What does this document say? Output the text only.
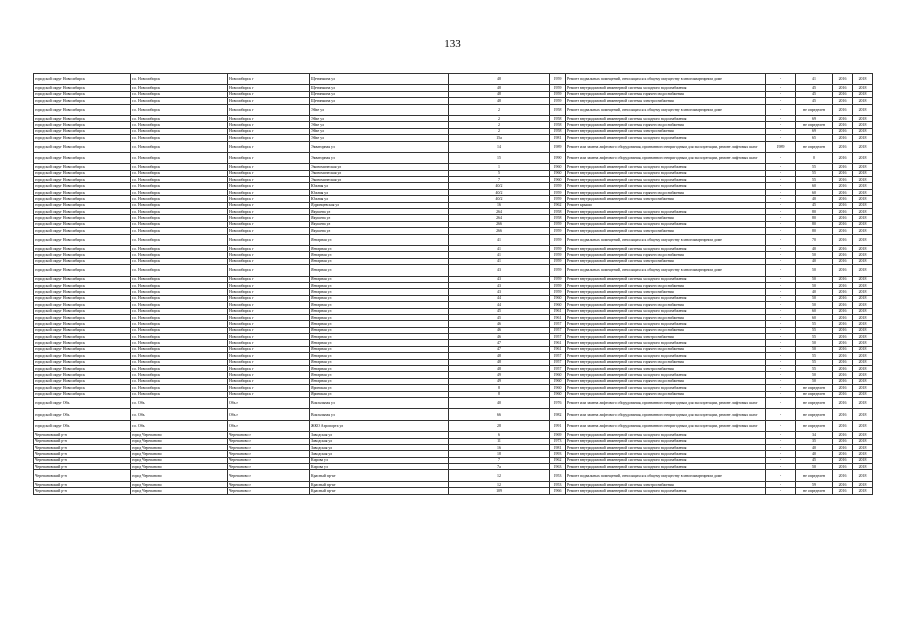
133
городской округ Новосибирск	г.о. Новосибирск	Новосибирск г	Щетинкина ул	48	1959	Ремонт подвальных помещений, относящихся к общему имуществу в многоквартирном доме	-	41	2016	2018
городской округ Новосибирск	г.о. Новосибирск	Новосибирск г	Щетинкина ул	48	1959	Ремонт внутридомовой инженерной системы холодного водоснабжения	-	45	2016	2018
городской округ Новосибирск	г.о. Новосибирск	Новосибирск г	Щетинкина ул	48	1959	Ремонт внутридомовой инженерной системы горячего водоснабжения	-	45	2016	2018
городской округ Новосибирск	г.о. Новосибирск	Новосибирск г	Щетинкина ул	48	1959	Ремонт внутридомовой инженерной системы электроснабжения	-	45	2016	2018
городской округ Новосибирск	г.о. Новосибирск	Новосибирск г	Эйхе ул	2	1958	Ремонт подвальных помещений, относящихся к общему имуществу в многоквартирном доме	-	не определен	2016	2018
городской округ Новосибирск	г.о. Новосибирск	Новосибирск г	Эйхе ул	2	1958	Ремонт внутридомовой инженерной системы холодного водоснабжения	-	69	2016	2018
городской округ Новосибирск	г.о. Новосибирск	Новосибирск г	Эйхе ул	2	1958	Ремонт внутридомовой инженерной системы горячего водоснабжения	-	не определен	2016	2018
городской округ Новосибирск	г.о. Новосибирск	Новосибирск г	Эйхе ул	2	1958	Ремонт внутридомовой инженерной системы электроснабжения	-	69	2016	2018
городской округ Новосибирск	г.о. Новосибирск	Новосибирск г	Эйхе ул	15а	1981	Ремонт внутридомовой инженерной системы холодного водоснабжения	-	65	2016	2018
городской округ Новосибирск	г.о. Новосибирск	Новосибирск г	Экваторная ул	14	1989	Ремонт или замена лифтового оборудования, признанного непригодным для эксплуатации, ремонт лифтовых шахт	1989	не определен	2016	2018
городской округ Новосибирск	г.о. Новосибирск	Новосибирск г	Экваторная ул	15	1990	Ремонт или замена лифтового оборудования, признанного непригодным для эксплуатации, ремонт лифтовых шахт	-	0	2016	2018
городской округ Новосибирск	г.о. Новосибирск	Новосибирск г	Экономическая ул	1	1960	Ремонт внутридомовой инженерной системы холодного водоснабжения	-	55	2016	2018
городской округ Новосибирск	г.о. Новосибирск	Новосибирск г	Экономическая ул	5	1960	Ремонт внутридомовой инженерной системы холодного водоснабжения	-	55	2016	2018
городской округ Новосибирск	г.о. Новосибирск	Новосибирск г	Экономическая ул	7	1960	Ремонт внутридомовой инженерной системы холодного водоснабжения	-	55	2016	2018
городской округ Новосибирск	г.о. Новосибирск	Новосибирск г	Южная ул	40/2	1959	Ремонт внутридомовой инженерной системы холодного водоснабжения	-	60	2016	2018
городской округ Новосибирск	г.о. Новосибирск	Новосибирск г	Южная ул	40/2	1959	Ремонт внутридомовой инженерной системы горячего водоснабжения	-	60	2016	2018
городской округ Новосибирск	г.о. Новосибирск	Новосибирск г	Южная ул	40/2	1959	Ремонт внутридомовой инженерной системы электроснабжения	-	40	2016	2018
городской округ Новосибирск	г.о. Новосибирск	Новосибирск г	Ядринцевская ул	16	1962	Ремонт крыши	-	45	2016	2018
городской округ Новосибирск	г.о. Новосибирск	Новосибирск г	Якушева ул	264	1958	Ремонт внутридомовой инженерной системы холодного водоснабжения	-	80	2016	2018
городской округ Новосибирск	г.о. Новосибирск	Новосибирск г	Якушева ул	264	1958	Ремонт внутридомовой инженерной системы электроснабжения	-	80	2016	2018
городской округ Новосибирск	г.о. Новосибирск	Новосибирск г	Якушева ул	266	1959	Ремонт внутридомовой инженерной системы холодного водоснабжения	-	80	2016	2018
городской округ Новосибирск	г.о. Новосибирск	Новосибирск г	Якушева ул	266	1959	Ремонт внутридомовой инженерной системы электроснабжения	-	80	2016	2018
городской округ Новосибирск	г.о. Новосибирск	Новосибирск г	Янтарная ул	41	1959	Ремонт подвальных помещений, относящихся к общему имуществу в многоквартирном доме	-	70	2016	2018
городской округ Новосибирск	г.о. Новосибирск	Новосибирск г	Янтарная ул	41	1959	Ремонт внутридомовой инженерной системы холодного водоснабжения	-	40	2016	2018
городской округ Новосибирск	г.о. Новосибирск	Новосибирск г	Янтарная ул	41	1959	Ремонт внутридомовой инженерной системы горячего водоснабжения	-	50	2016	2018
городской округ Новосибирск	г.о. Новосибирск	Новосибирск г	Янтарная ул	41	1959	Ремонт внутридомовой инженерной системы электроснабжения	-	40	2016	2018
городской округ Новосибирск	г.о. Новосибирск	Новосибирск г	Янтарная ул	43	1959	Ремонт подвальных помещений, относящихся к общему имуществу в многоквартирном доме	-	50	2016	2018
городской округ Новосибирск	г.о. Новосибирск	Новосибирск г	Янтарная ул	43	1959	Ремонт внутридомовой инженерной системы холодного водоснабжения	-	50	2016	2018
городской округ Новосибирск	г.о. Новосибирск	Новосибирск г	Янтарная ул	43	1959	Ремонт внутридомовой инженерной системы горячего водоснабжения	-	50	2016	2018
городской округ Новосибирск	г.о. Новосибирск	Новосибирск г	Янтарная ул	43	1959	Ремонт внутридомовой инженерной системы электроснабжения	-	40	2016	2018
городской округ Новосибирск	г.о. Новосибирск	Новосибирск г	Янтарная ул	44	1960	Ремонт внутридомовой инженерной системы холодного водоснабжения	-	50	2016	2018
городской округ Новосибирск	г.о. Новосибирск	Новосибирск г	Янтарная ул	44	1960	Ремонт внутридомовой инженерной системы горячего водоснабжения	-	50	2016	2018
городской округ Новосибирск	г.о. Новосибирск	Новосибирск г	Янтарная ул	45	1961	Ремонт внутридомовой инженерной системы холодного водоснабжения	-	60	2016	2018
городской округ Новосибирск	г.о. Новосибирск	Новосибирск г	Янтарная ул	45	1961	Ремонт внутридомовой инженерной системы горячего водоснабжения	-	60	2016	2018
городской округ Новосибирск	г.о. Новосибирск	Новосибирск г	Янтарная ул	46	1957	Ремонт внутридомовой инженерной системы холодного водоснабжения	-	55	2016	2018
городской округ Новосибирск	г.о. Новосибирск	Новосибирск г	Янтарная ул	46	1957	Ремонт внутридомовой инженерной системы горячего водоснабжения	-	55	2016	2018
городской округ Новосибирск	г.о. Новосибирск	Новосибирск г	Янтарная ул	46	1957	Ремонт внутридомовой инженерной системы электроснабжения	-	55	2016	2018
городской округ Новосибирск	г.о. Новосибирск	Новосибирск г	Янтарная ул	47	1961	Ремонт внутридомовой инженерной системы холодного водоснабжения	-	50	2016	2018
городской округ Новосибирск	г.о. Новосибирск	Новосибирск г	Янтарная ул	47	1961	Ремонт внутридомовой инженерной системы горячего водоснабжения	-	50	2016	2018
городской округ Новосибирск	г.о. Новосибирск	Новосибирск г	Янтарная ул	48	1957	Ремонт внутридомовой инженерной системы холодного водоснабжения	-	55	2016	2018
городской округ Новосибирск	г.о. Новосибирск	Новосибирск г	Янтарная ул	48	1957	Ремонт внутридомовой инженерной системы горячего водоснабжения	-	55	2016	2018
городской округ Новосибирск	г.о. Новосибирск	Новосибирск г	Янтарная ул	48	1957	Ремонт внутридомовой инженерной системы электроснабжения	-	55	2016	2018
городской округ Новосибирск	г.о. Новосибирск	Новосибирск г	Янтарная ул	49	1960	Ремонт внутридомовой инженерной системы холодного водоснабжения	-	50	2016	2018
городской округ Новосибирск	г.о. Новосибирск	Новосибирск г	Янтарная ул	49	1960	Ремонт внутридомовой инженерной системы горячего водоснабжения	-	50	2016	2018
городской округ Новосибирск	г.о. Новосибирск	Новосибирск г	Яринская ул	8	1960	Ремонт внутридомовой инженерной системы холодного водоснабжения	-	не определен	2016	2018
городской округ Новосибирск	г.о. Новосибирск	Новосибирск г	Яринская ул	8	1960	Ремонт внутридомовой инженерной системы горячего водоснабжения	-	не определен	2016	2018
городской округ Обь	г.о. Обь	Обь г	Вокзальная ул	40	1976	Ремонт или замена лифтового оборудования, признанного непригодным для эксплуатации, ремонт лифтовых шахт	-	не определен	2016	2018
городской округ Обь	г.о. Обь	Обь г	Вокзальная ул	66	1982	Ремонт или замена лифтового оборудования, признанного непригодным для эксплуатации, ремонт лифтовых шахт	-	не определен	2016	2018
городской округ Обь	г.о. Обь	Обь г	ЖКО Аэропорта ул	28	1991	Ремонт или замена лифтового оборудования, признанного непригодным для эксплуатации, ремонт лифтовых шахт	-	не определен	2016	2018
Черепановский р-н	город Черепаново	Черепаново г	Заводская ул	6	1969	Ремонт внутридомовой инженерной системы холодного водоснабжения	-	34	2016	2018
Черепановский р-н	город Черепаново	Черепаново г	Заводская ул	11	1973	Ремонт внутридомовой инженерной системы холодного водоснабжения	-	35	2016	2018
Черепановский р-н	город Черепаново	Черепаново г	Заводская ул	16	1981	Ремонт внутридомовой инженерной системы холодного водоснабжения	-	40	2016	2018
Черепановский р-н	город Черепаново	Черепаново г	Заводская ул	18	1993	Ремонт внутридомовой инженерной системы холодного водоснабжения	-	40	2016	2018
Черепановский р-н	город Черепаново	Черепаново г	Кирова ул	7	1962	Ремонт внутридомовой инженерной системы холодного водоснабжения	-	45	2016	2018
Черепановский р-н	город Черепаново	Черепаново г	Кирова ул	7а	1963	Ремонт внутридомовой инженерной системы холодного водоснабжения	-	50	2016	2018
Черепановский р-н	город Черепаново	Черепаново г	Красный пр-кт	12	1953	Ремонт подвальных помещений, относящихся к общему имуществу в многоквартирном доме	-	не определен	2016	2018
Черепановский р-н	город Черепаново	Черепаново г	Красный пр-кт	12	1953	Ремонт внутридомовой инженерной системы электроснабжения	-	59	2016	2018
Черепановский р-н	город Черепаново	Черепаново г	Красный пр-кт	109	1966	Ремонт внутридомовой инженерной системы холодного водоснабжения	-	не определен	2016	2018
